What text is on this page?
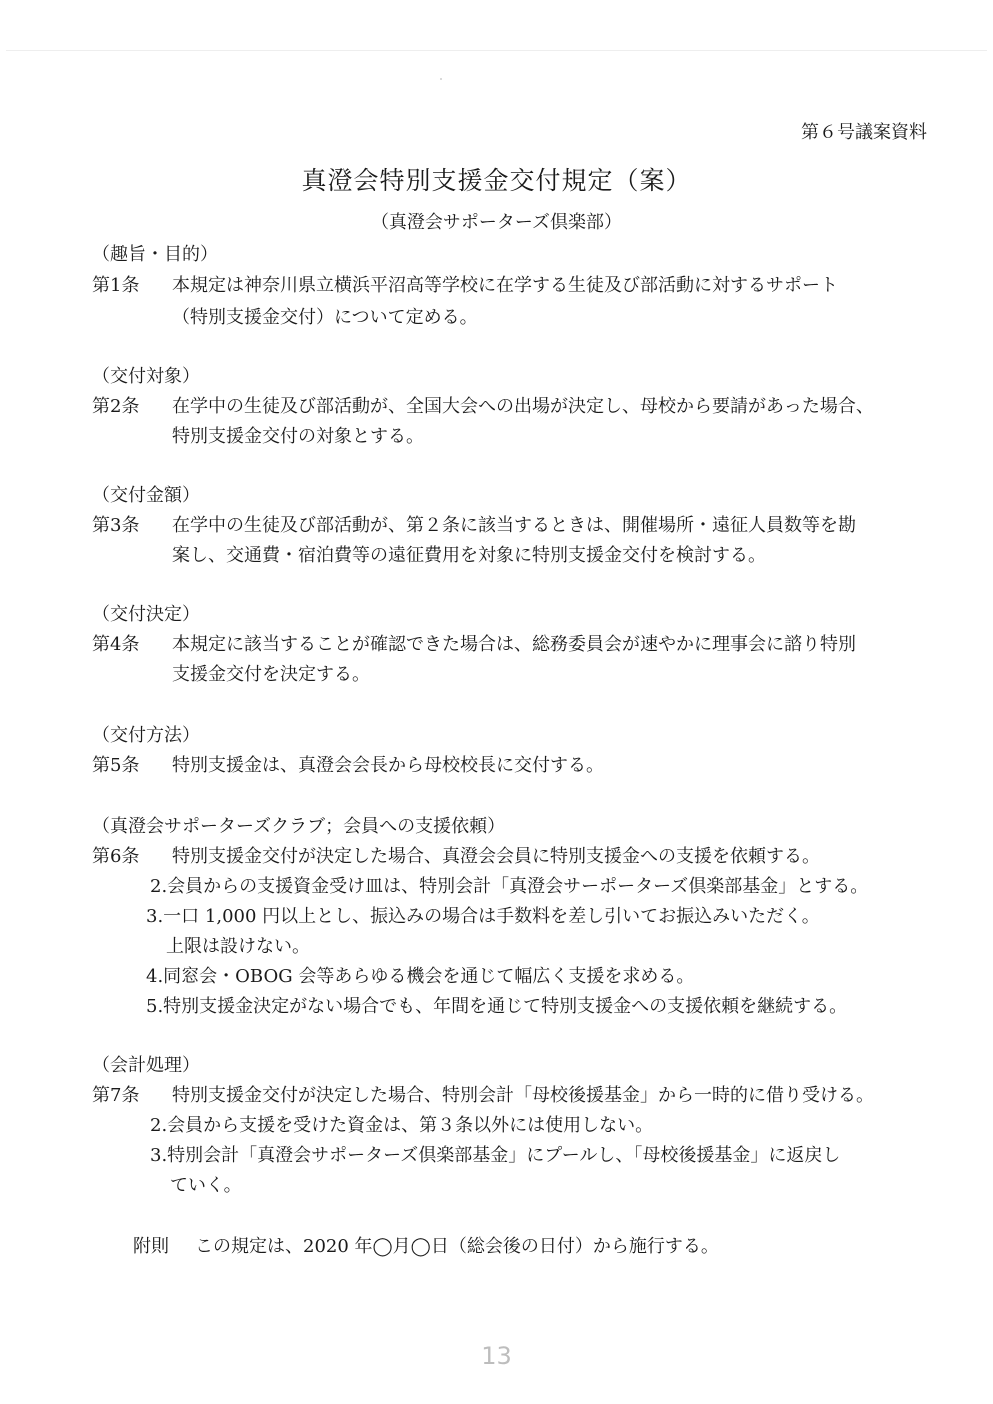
第６号議案資料
真澄会特別支援金交付規定（案）
（真澄会サポーターズ倶楽部）
（趣旨・目的）
第1条 本規定は神奈川県立横浜平沼高等学校に在学する生徒及び部活動に対するサポート
（特別支援金交付）について定める。
（交付対象）
第2条 在学中の生徒及び部活動が、全国大会への出場が決定し、母校から要請があった場合、
特別支援金交付の対象とする。
（交付金額）
第3条 在学中の生徒及び部活動が、第２条に該当するときは、開催場所・遠征人員数等を勘
案し、交通費・宿泊費等の遠征費用を対象に特別支援金交付を検討する。
（交付決定）
第4条 本規定に該当することが確認できた場合は、総務委員会が速やかに理事会に諮り特別
支援金交付を決定する。
（交付方法）
第5条 特別支援金は、真澄会会長から母校校長に交付する。
（真澄会サポーターズクラブ；会員への支援依頼）
第6条 特別支援金交付が決定した場合、真澄会会員に特別支援金への支援を依頼する。
2.会員からの支援資金受け皿は、特別会計「真澄会サーポーターズ倶楽部基金」とする。
3.一口 1,000 円以上とし、振込みの場合は手数料を差し引いてお振込みいただく。
上限は設けない。
4.同窓会・OBOG 会等あらゆる機会を通じて幅広く支援を求める。
5.特別支援金決定がない場合でも、年間を通じて特別支援金への支援依頼を継続する。
（会計処理）
第7条 特別支援金交付が決定した場合、特別会計「母校後援基金」から一時的に借り受ける。
2.会員から支援を受けた資金は、第３条以外には使用しない。
3.特別会計「真澄会サポーターズ倶楽部基金」にプールし、「母校後援基金」に返戻し
ていく。
附則 この規定は、2020 年◯月◯日（総会後の日付）から施行する。
13
